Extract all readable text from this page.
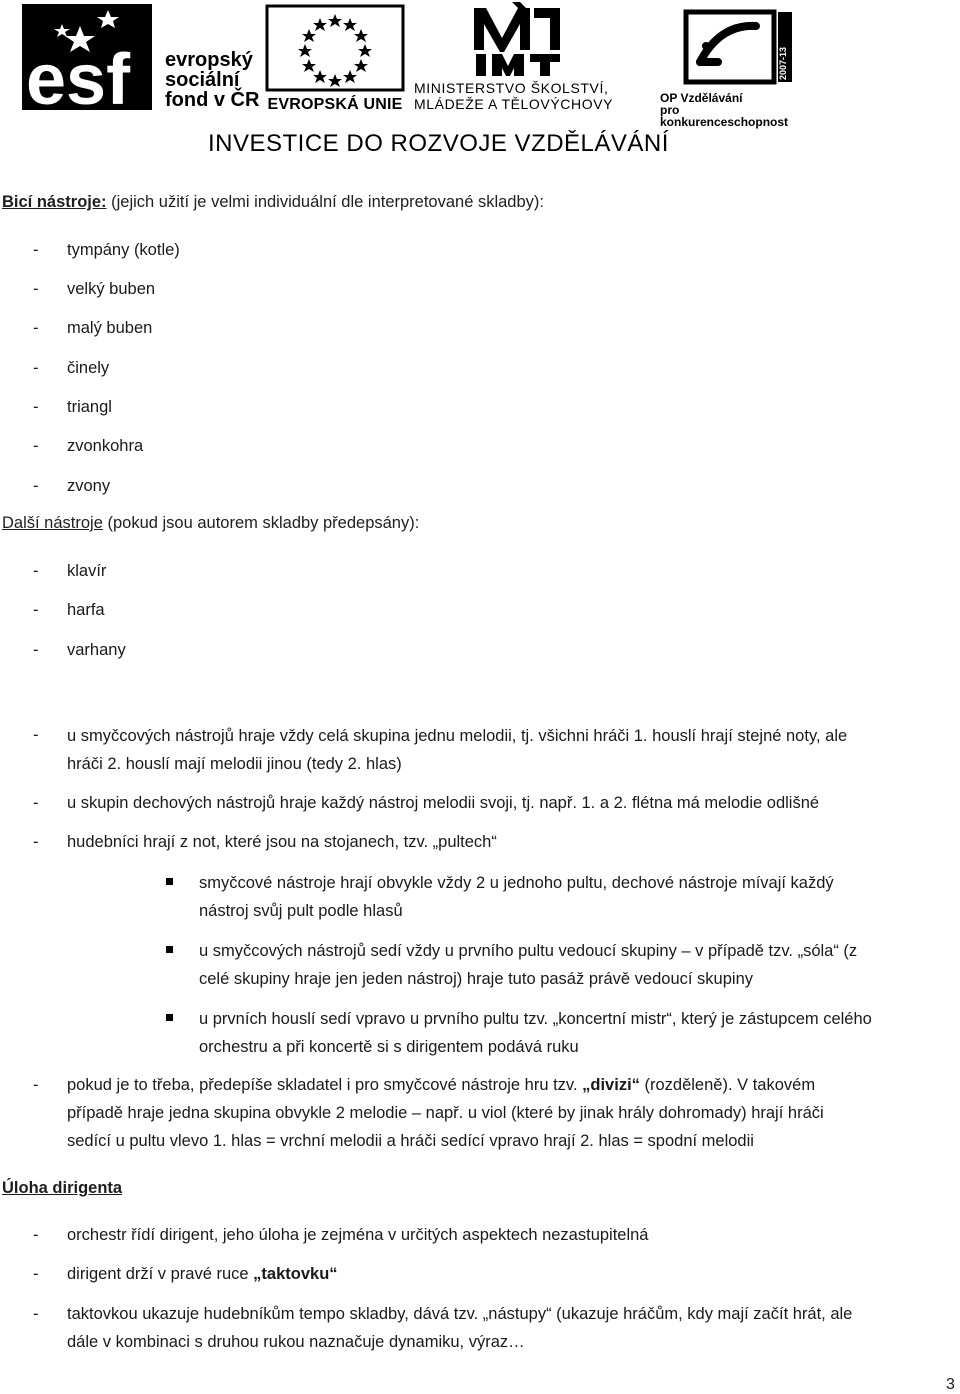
esf evropský
sociální
fond v ČR EVROPSKÁ UNIE
MINISTERSTVO ŠKOLSTVÍ,
MLÁDEŽE A TĚLOVÝCHOVY
2007-13
OP Vzdělávání
pro konkurenceschopnost
INVESTICE DO ROZVOJE VZDĚLÁVÁNÍ
Bicí nástroje: (jejich užití je velmi individuální dle interpretované skladby):
- tympány (kotle)
- velký buben
- malý buben
- činely
- triangl
- zvonkohra
- zvony
Další nástroje (pokud jsou autorem skladby předepsány):
- klavír
- harfa
- varhany
- u smyčcových nástrojů hraje vždy celá skupina jednu melodii, tj. všichni hráči 1. houslí hrají stejné noty, ale
hráči 2. houslí mají melodii jinou (tedy 2. hlas)
- u skupin dechových nástrojů hraje každý nástroj melodii svoji, tj. např. 1. a 2. flétna má melodie odlišné
- hudebníci hrají z not, které jsou na stojanech, tzv. „pultech“
smyčcové nástroje hrají obvykle vždy 2 u jednoho pultu, dechové nástroje mívají každý
nástroj svůj pult podle hlasů
u smyčcových nástrojů sedí vždy u prvního pultu vedoucí skupiny – v případě tzv. „sóla“ (z
celé skupiny hraje jen jeden nástroj) hraje tuto pasáž právě vedoucí skupiny
u prvních houslí sedí vpravo u prvního pultu tzv. „koncertní mistr“, který je zástupcem celého
orchestru a při koncertě si s dirigentem podává ruku
- pokud je to třeba, předepíše skladatel i pro smyčcové nástroje hru tzv. „divizi“ (rozděleně). V takovém
případě hraje jedna skupina obvykle 2 melodie – např. u viol (které by jinak hrály dohromady) hrají hráči
sedící u pultu vlevo 1. hlas = vrchní melodii a hráči sedící vpravo hrají 2. hlas = spodní melodii
Úloha dirigenta
- orchestr řídí dirigent, jeho úloha je zejména v určitých aspektech nezastupitelná
- dirigent drží v pravé ruce „taktovku“
- taktovkou ukazuje hudebníkům tempo skladby, dává tzv. „nástupy“ (ukazuje hráčům, kdy mají začít hrát, ale
dále v kombinaci s druhou rukou naznačuje dynamiku, výraz…
3
